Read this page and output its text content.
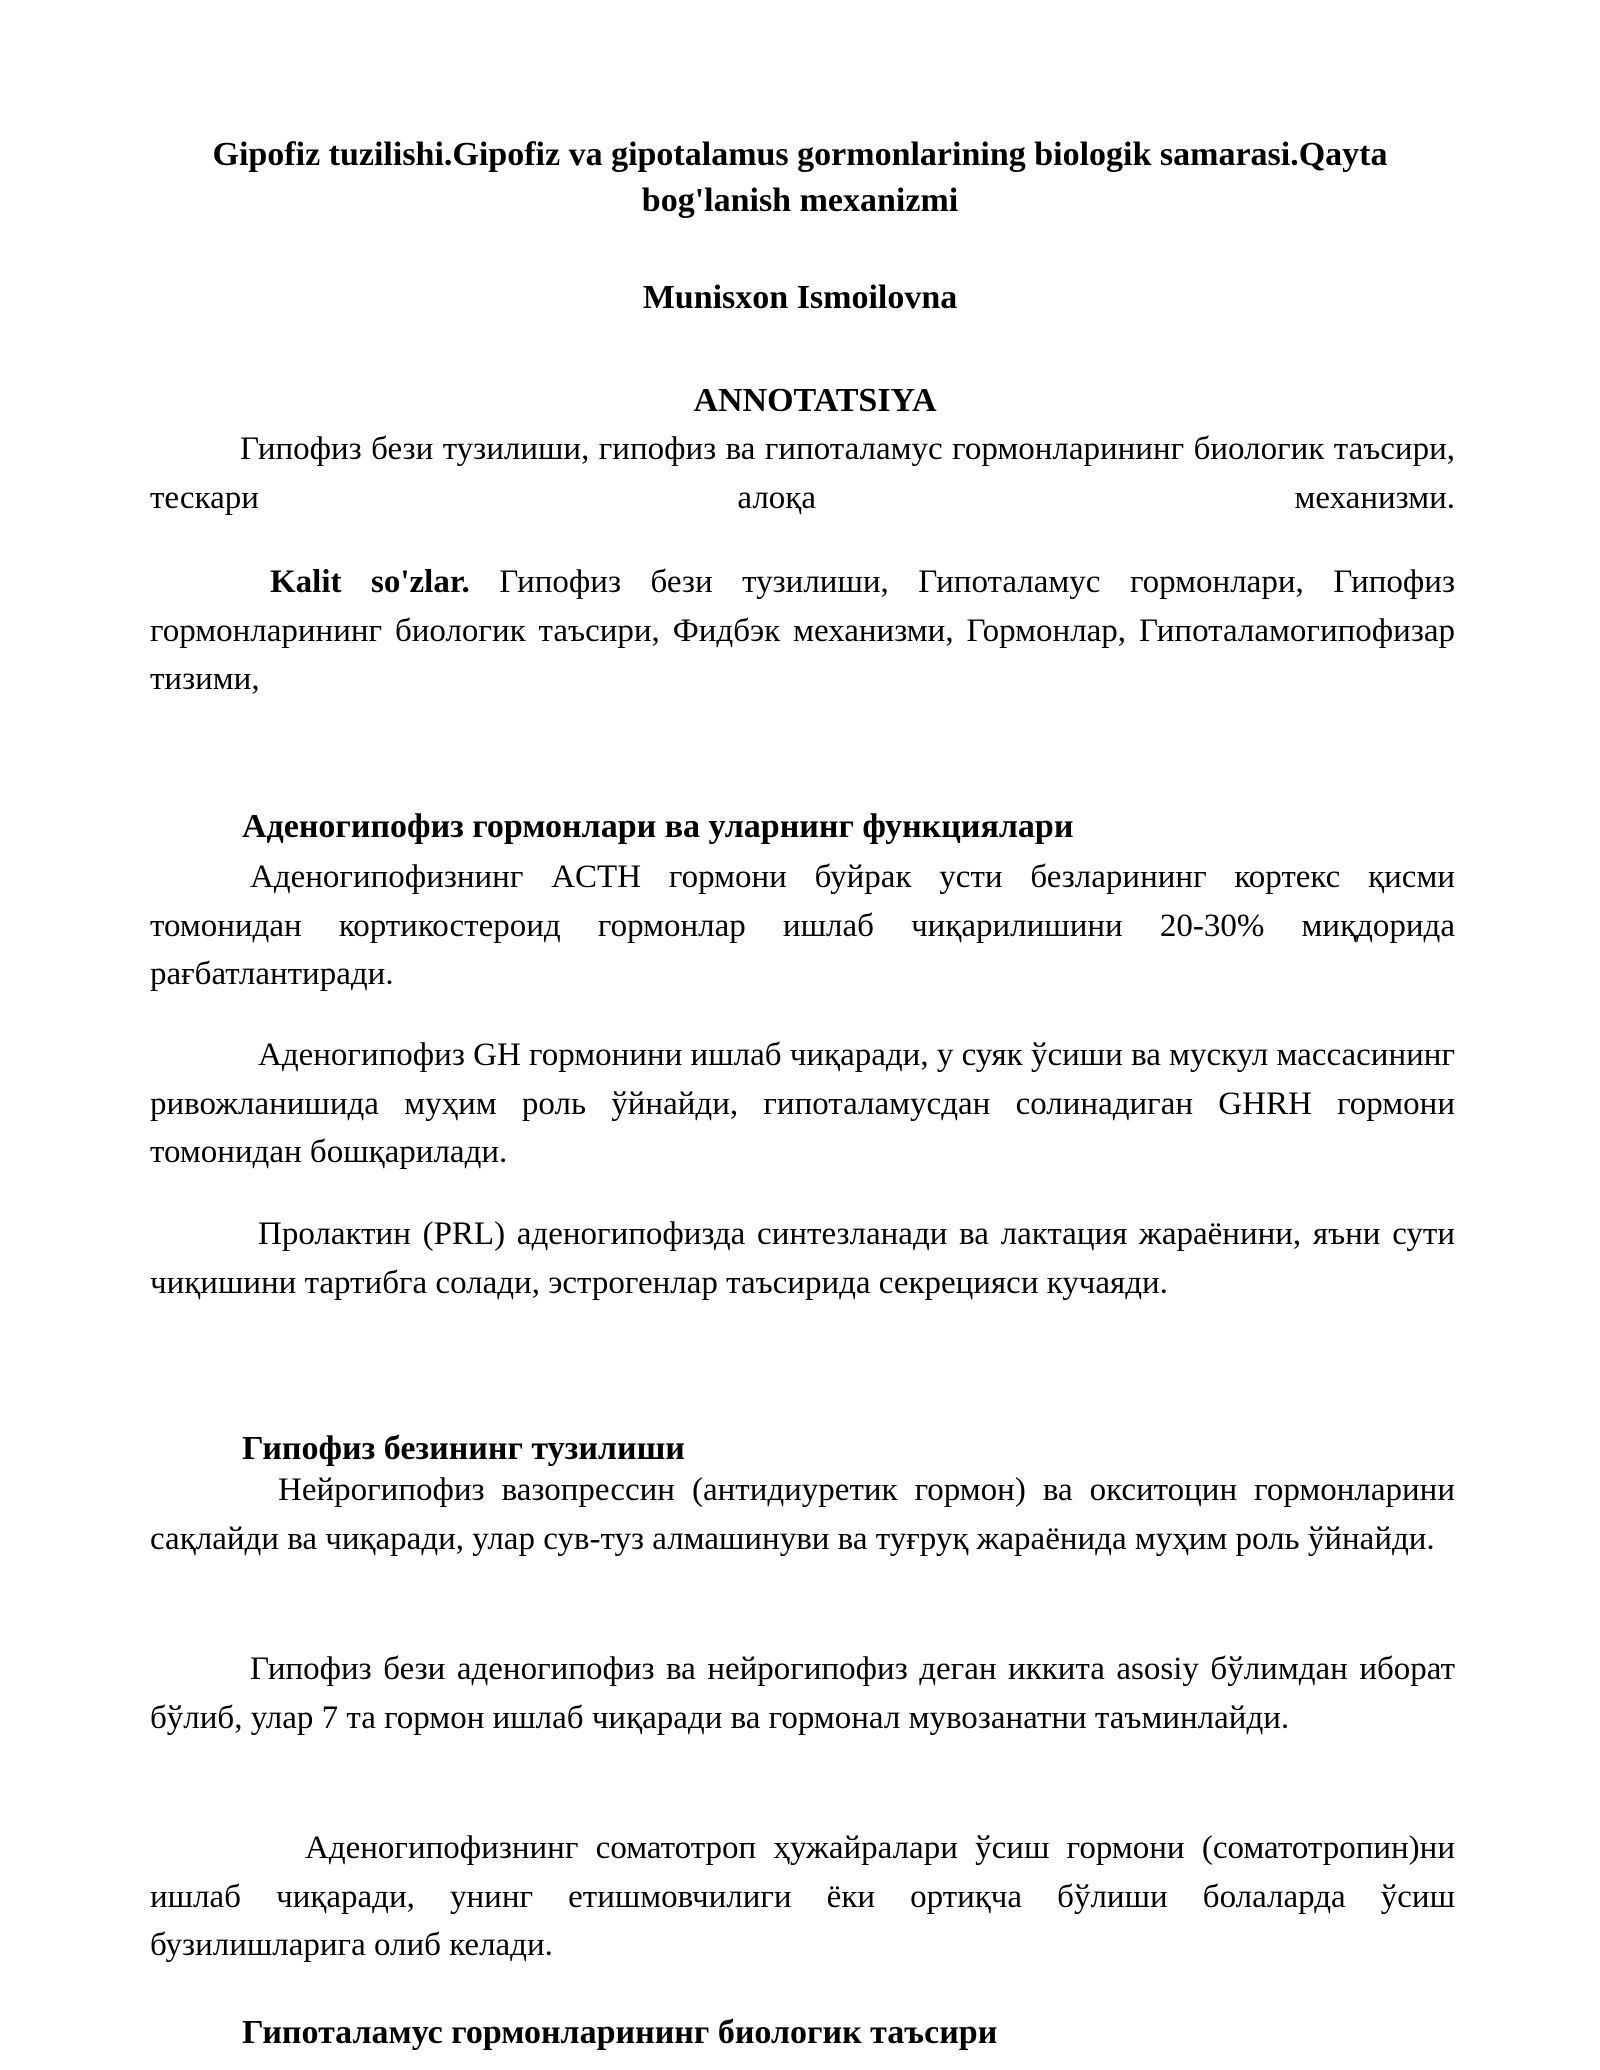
Gipofiz tuzilishi.Gipofiz va gipotalamus gormonlarining biologik samarasi.Qayta bog'lanish mexanizmi
Munisxon Ismoilovna
ANNOTATSIYA
Гипофиз бези тузилиши, гипофиз ва гипоталамус гормонларининг биологик таъсири, тескари алоқа механизми.
Kalit so'zlar. Гипофиз бези тузилиши, Гипоталамус гормонлари, Гипофиз гормонларининг биологик таъсири, Фидбэк механизми, Гормонлар, Гипоталамогипофизар тизими,
Аденогипофиз гормонлари ва уларнинг функциялари
Аденогипофизнинг ACTH гормони буйрак усти безларининг кортекс қисми томонидан кортикостероид гормонлар ишлаб чиқарилишини 20-30% миқдорида рағбатлантиради.
Аденогипофиз GH гормонини ишлаб чиқаради, у суяк ўсиши ва мускул массасининг ривожланишида муҳим роль ўйнайди, гипоталамусдан солинадиган GHRH гормони томонидан бошқарилади.
Пролактин (PRL) аденогипофизда синтезланади ва лактация жараёнини, яъни сути чиқишини тартибга солади, эстрогенлар таъсирида секрецияси кучаяди.
Гипофиз безининг тузилиши
Нейрогипофиз вазопрессин (антидиуретик гормон) ва окситоцин гормонларини сақлайди ва чиқаради, улар сув-туз алмашинуви ва туғруқ жараёнида муҳим роль ўйнайди.
Гипофиз бези аденогипофиз ва нейрогипофиз деган иккита asosiy бўлимдан иборат бўлиб, улар 7 та гормон ишлаб чиқаради ва гормонал мувозанатни таъминлайди.
Аденогипофизнинг соматотроп ҳужайралари ўсиш гормони (соматотропин)ни ишлаб чиқаради, унинг етишмовчилиги ёки ортиқча бўлиши болаларда ўсиш бузилишларига олиб келади.
Гипоталамус гормонларининг биологик таъсири
